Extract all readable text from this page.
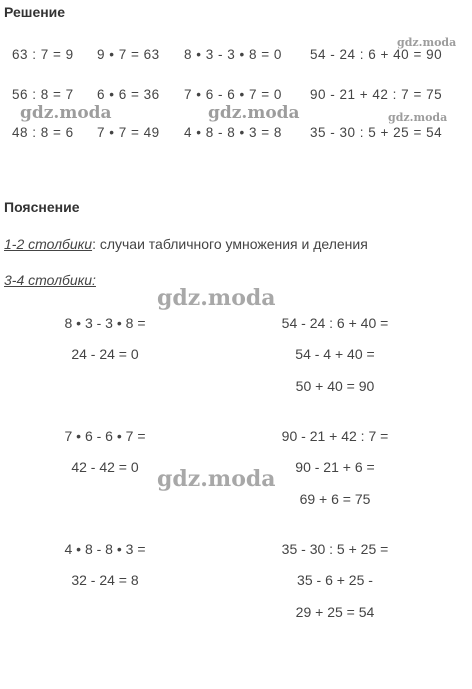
Решение
63 : 7 = 9 9 • 7 = 63 8 • 3 - 3 • 8 = 0 54 - 24 : 6 + 40 = 90
56 : 8 = 7 6 • 6 = 36 7 • 6 - 6 • 7 = 0 90 - 21 + 42 : 7 = 75
48 : 8 = 6 7 • 7 = 49 4 • 8 - 8 • 3 = 8 35 - 30 : 5 + 25 = 54
Пояснение
1-2 столбики: случаи табличного умножения и деления
3-4 столбики:
8 • 3 - 3 • 8 =
24 - 24 = 0
7 • 6 - 6 • 7 =
42 - 42 = 0
4 • 8 - 8 • 3 =
32 - 24 = 8
54 - 24 : 6 + 40 =
54 - 4 + 40 =
50 + 40 = 90
90 - 21 + 42 : 7 =
90 - 21 + 6 =
69 + 6 = 75
35 - 30 : 5 + 25 =
35 - 6 + 25 -
29 + 25 = 54
gdz.moda
gdz.moda	gdz.moda	gdz.moda
gdz.moda
gdz.moda
